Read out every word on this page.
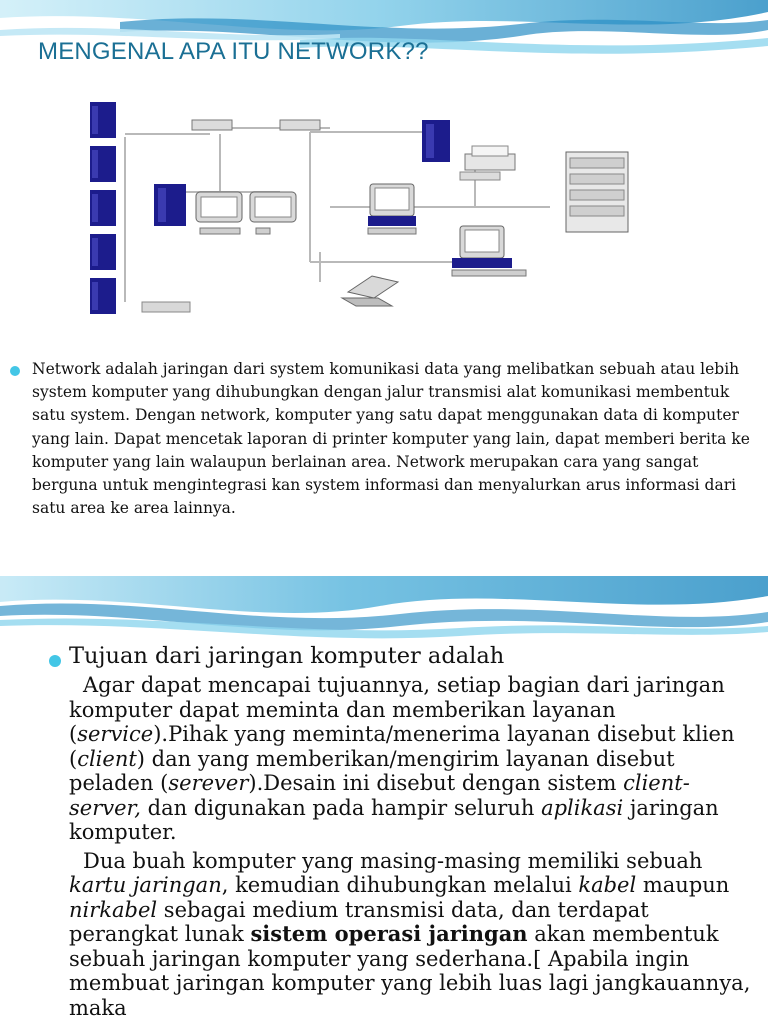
MENGENAL APA ITU NETWORK??

Network adalah jaringan dari system komunikasi data yang melibatkan sebuah atau lebih system komputer yang dihubungkan dengan jalur transmisi alat komunikasi membentuk satu system. Dengan network, komputer yang satu dapat menggunakan data di komputer yang lain. Dapat mencetak laporan di printer komputer yang lain, dapat memberi berita ke komputer yang lain walaupun berlainan area. Network merupakan cara yang sangat berguna untuk mengintegrasi kan system informasi dan menyalurkan arus informasi dari satu area ke area lainnya.

Tujuan dari jaringan komputer adalah

Agar dapat mencapai tujuannya, setiap bagian dari jaringan komputer dapat meminta dan memberikan layanan (service).Pihak yang meminta/menerima layanan disebut klien (client) dan yang memberikan/mengirim layanan disebut peladen (serever).Desain ini disebut dengan sistem client-server, dan digunakan pada hampir seluruh aplikasi jaringan komputer.

Dua buah komputer yang masing-masing memiliki sebuah kartu jaringan, kemudian dihubungkan melalui kabel maupun nirkabel sebagai medium transmisi data, dan terdapat perangkat lunak sistem operasi jaringan akan membentuk sebuah jaringan komputer yang sederhana.[ Apabila ingin membuat jaringan komputer yang lebih luas lagi jangkauannya, maka
